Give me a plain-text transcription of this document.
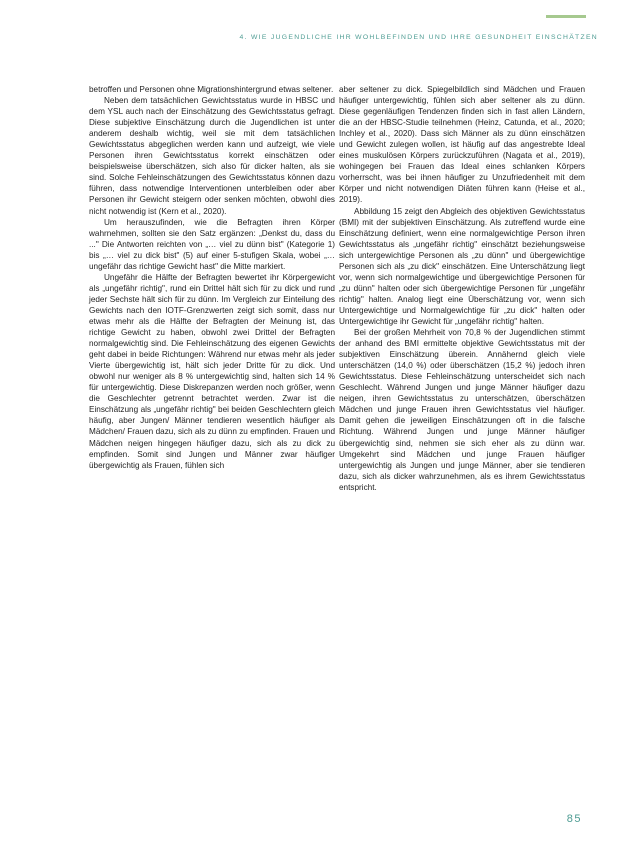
4. WIE JUGENDLICHE IHR WOHLBEFINDEN UND IHRE GESUNDHEIT EINSCHÄTZEN

betroffen und Personen ohne Migrationshintergrund etwas seltener.

Neben dem tatsächlichen Gewichtsstatus wurde in HBSC und dem YSL auch nach der Einschätzung des Gewichtsstatus gefragt. Diese subjektive Einschätzung durch die Jugendlichen ist unter anderem deshalb wichtig, weil sie mit dem tatsächlichen Gewichtsstatus abgeglichen werden kann und aufzeigt, wie viele Personen ihren Gewichtsstatus korrekt einschätzen oder beispielsweise überschätzen, sich also für dicker halten, als sie sind. Solche Fehleinschätzungen des Gewichtsstatus können dazu führen, dass notwendige Interventionen unterbleiben oder aber Personen ihr Gewicht steigern oder senken möchten, obwohl dies nicht notwendig ist (Kern et al., 2020).

Um herauszufinden, wie die Befragten ihren Körper wahrnehmen, sollten sie den Satz ergänzen: „Denkst du, dass du ..." Die Antworten reichten von „… viel zu dünn bist" (Kategorie 1) bis „… viel zu dick bist" (5) auf einer 5-stufigen Skala, wobei „… ungefähr das richtige Gewicht hast" die Mitte markiert.

Ungefähr die Hälfte der Befragten bewertet ihr Körpergewicht als „ungefähr richtig", rund ein Drittel hält sich für zu dick und rund jeder Sechste hält sich für zu dünn. Im Vergleich zur Einteilung des Gewichts nach den IOTF-Grenzwerten zeigt sich somit, dass nur etwas mehr als die Hälfte der Befragten der Meinung ist, das richtige Gewicht zu haben, obwohl zwei Drittel der Befragten normalgewichtig sind. Die Fehleinschätzung des eigenen Gewichts geht dabei in beide Richtungen: Während nur etwas mehr als jeder Vierte übergewichtig ist, hält sich jeder Dritte für zu dick. Und obwohl nur weniger als 8 % untergewichtig sind, halten sich 14 % für untergewichtig. Diese Diskrepanzen werden noch größer, wenn die Geschlechter getrennt betrachtet werden. Zwar ist die Einschätzung als „ungefähr richtig" bei beiden Geschlechtern gleich häufig, aber Jungen/ Männer tendieren wesentlich häufiger als Mädchen/ Frauen dazu, sich als zu dünn zu empfinden. Frauen und Mädchen neigen hingegen häufiger dazu, sich als zu dick zu empfinden. Somit sind Jungen und Männer zwar häufiger übergewichtig als Frauen, fühlen sich

aber seltener zu dick. Spiegelbildlich sind Mädchen und Frauen häufiger untergewichtig, fühlen sich aber seltener als zu dünn. Diese gegenläufigen Tendenzen finden sich in fast allen Ländern, die an der HBSC-Studie teilnehmen (Heinz, Catunda, et al., 2020; Inchley et al., 2020). Dass sich Männer als zu dünn einschätzen und Gewicht zulegen wollen, ist häufig auf das angestrebte Ideal eines muskulösen Körpers zurückzuführen (Nagata et al., 2019), wohingegen bei Frauen das Ideal eines schlanken Körpers vorherrscht, was bei ihnen häufiger zu Unzufriedenheit mit dem Körper und nicht notwendigen Diäten führen kann (Heise et al., 2019).

Abbildung 15 zeigt den Abgleich des objektiven Gewichtsstatus (BMI) mit der subjektiven Einschätzung. Als zutreffend wurde eine Einschätzung definiert, wenn eine normalgewichtige Person ihren Gewichtsstatus als „ungefähr richtig" einschätzt beziehungsweise sich untergewichtige Personen als „zu dünn" und übergewichtige Personen sich als „zu dick" einschätzen. Eine Unterschätzung liegt vor, wenn sich normalgewichtige und übergewichtige Personen für „zu dünn" halten oder sich übergewichtige Personen für „ungefähr richtig" halten. Analog liegt eine Überschätzung vor, wenn sich Untergewichtige und Normalgewichtige für „zu dick" halten oder Untergewichtige ihr Gewicht für „ungefähr richtig" halten.

Bei der großen Mehrheit von 70,8 % der Jugendlichen stimmt der anhand des BMI ermittelte objektive Gewichtsstatus mit der subjektiven Einschätzung überein. Annähernd gleich viele unterschätzen (14,0 %) oder überschätzen (15,2 %) jedoch ihren Gewichtsstatus. Diese Fehleinschätzung unterscheidet sich nach Geschlecht. Während Jungen und junge Männer häufiger dazu neigen, ihren Gewichtsstatus zu unterschätzen, überschätzen Mädchen und junge Frauen ihren Gewichtsstatus viel häufiger. Damit gehen die jeweiligen Einschätzungen oft in die falsche Richtung. Während Jungen und junge Männer häufiger übergewichtig sind, nehmen sie sich eher als zu dünn war. Umgekehrt sind Mädchen und junge Frauen häufiger untergewichtig als Jungen und junge Männer, aber sie tendieren dazu, sich als dicker wahrzunehmen, als es ihrem Gewichtsstatus entspricht.

85
